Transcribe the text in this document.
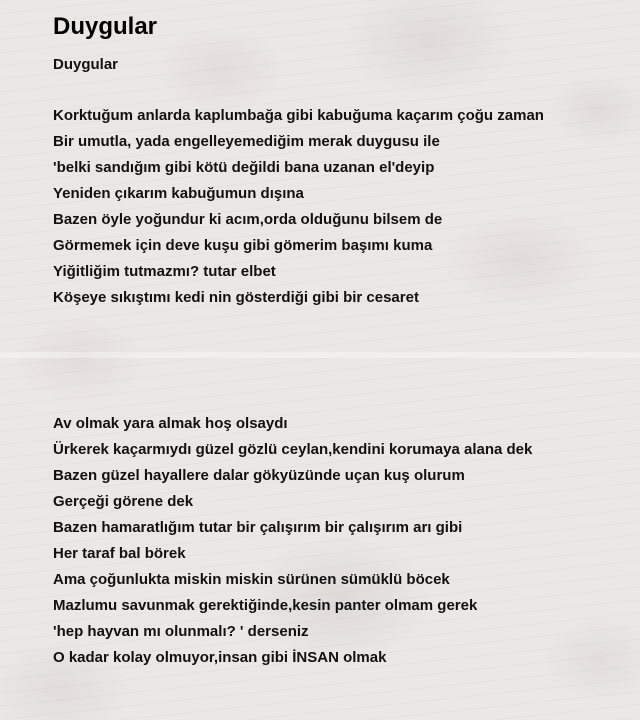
Duygular
Duygular
Korktuğum anlarda kaplumbağa gibi kabuğuma kaçarım çoğu zaman
Bir umutla, yada engelleyemediğim merak duygusu ile
'belki sandığım gibi kötü değildi bana uzanan el'deyip
Yeniden çıkarım kabuğumun dışına
Bazen öyle yoğundur ki acım,orda olduğunu bilsem de
Görmemek için deve kuşu gibi gömerim başımı kuma
Yiğitliğim tutmazmı? tutar elbet
Köşeye sıkıştımı kedi nin gösterdiği gibi bir cesaret
Av olmak yara almak hoş olsaydı
Ürkerek kaçarmıydı güzel gözlü ceylan,kendini korumaya alana dek
Bazen güzel hayallere dalar gökyüzünde uçan kuş olurum
Gerçeği görene dek
Bazen hamaratlığım tutar bir çalışırım bir çalışırım arı gibi
Her taraf bal börek
Ama çoğunlukta miskin miskin sürünen sümüklü böcek
Mazlumu savunmak gerektiğinde,kesin panter olmam gerek
'hep hayvan mı olunmalı? ' derseniz
O kadar kolay olmuyor,insan gibi İNSAN olmak
